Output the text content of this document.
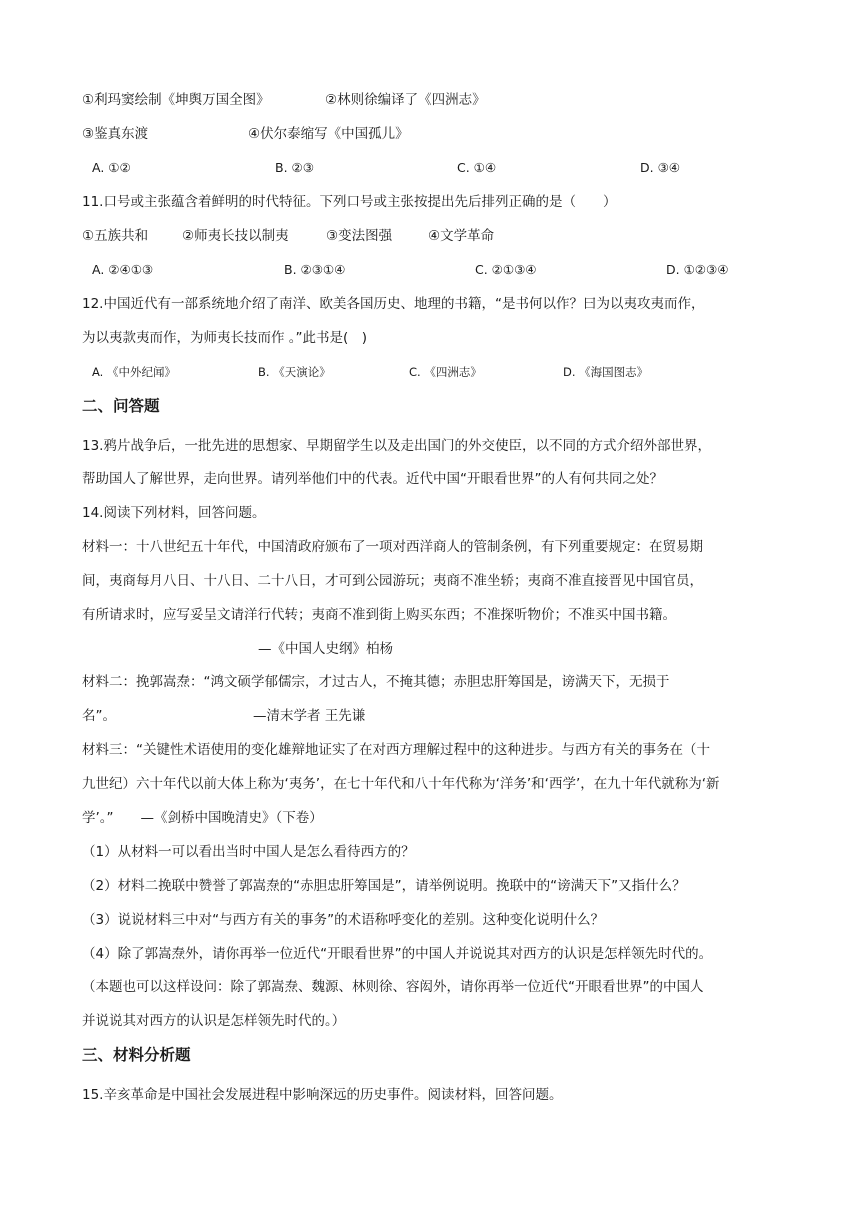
①利玛窦绘制《坤舆万国全图》	②林则徐编译了《四洲志》
③鉴真东渡	④伏尔泰缩写《中国孤儿》
A. ①②	B. ②③	C. ①④	D. ③④
11.口号或主张蕴含着鲜明的时代特征。下列口号或主张按提出先后排列正确的是（　　）
①五族共和	②师夷长技以制夷	③变法图强	④文学革命
A. ②④①③	B. ②③①④	C. ②①③④	D. ①②③④
12.中国近代有一部系统地介绍了南洋、欧美各国历史、地理的书籍，“是书何以作？曰为以夷攻夷而作，
为以夷款夷而作，为师夷长技而作 。”此书是(　)
A. 《中外纪闻》	B. 《天演论》	C. 《四洲志》	D. 《海国图志》
二、问答题
13.鸦片战争后，一批先进的思想家、早期留学生以及走出国门的外交使臣，以不同的方式介绍外部世界，
帮助国人了解世界，走向世界。请列举他们中的代表。近代中国“开眼看世界”的人有何共同之处？
14.阅读下列材料，回答问题。
材料一：十八世纪五十年代，中国清政府颁布了一项对西洋商人的管制条例，有下列重要规定：在贸易期
间，夷商每月八日、十八日、二十八日，才可到公园游玩；夷商不准坐轿；夷商不准直接晋见中国官员，
有所请求时，应写妥呈文请洋行代转；夷商不准到街上购买东西；不准探听物价；不准买中国书籍。
—《中国人史纲》柏杨
材料二：挽郭嵩焘：“鸿文硕学郁儒宗，才过古人，不掩其德；赤胆忠肝筹国是，谤满天下，无损于
名”。	—清末学者 王先谦
材料三：“关键性术语使用的变化雄辩地证实了在对西方理解过程中的这种进步。与西方有关的事务在（十
九世纪）六十年代以前大体上称为‘夷务’，在七十年代和八十年代称为‘洋务’和‘西学’，在九十年代就称为‘新
学’。”　　—《剑桥中国晚清史》（下卷）
（1）从材料一可以看出当时中国人是怎么看待西方的？
（2）材料二挽联中赞誉了郭嵩焘的“赤胆忠肝筹国是”，请举例说明。挽联中的“谤满天下”又指什么？
（3）说说材料三中对“与西方有关的事务”的术语称呼变化的差别。这种变化说明什么？
（4）除了郭嵩焘外，请你再举一位近代“开眼看世界”的中国人并说说其对西方的认识是怎样领先时代的。
（本题也可以这样设问：除了郭嵩焘、魏源、林则徐、容闳外，请你再举一位近代“开眼看世界”的中国人
并说说其对西方的认识是怎样领先时代的。）
三、材料分析题
15.辛亥革命是中国社会发展进程中影响深远的历史事件。阅读材料，回答问题。
